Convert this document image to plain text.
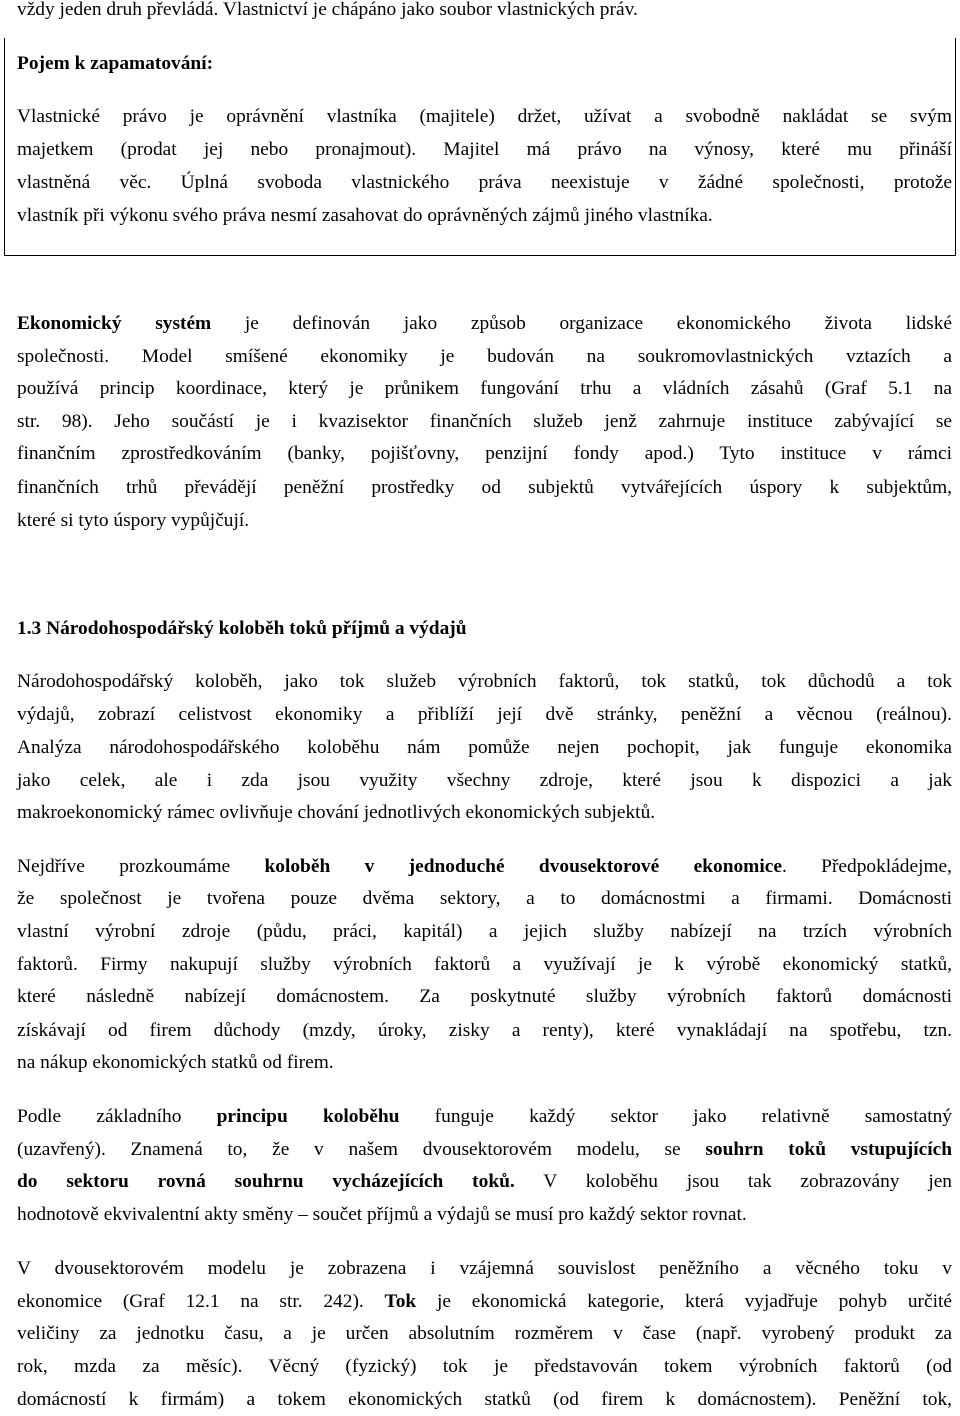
vždy jeden druh převládá. Vlastnictví je chápáno jako soubor vlastnických práv.
Pojem k zapamatování:
Vlastnické právo je oprávnění vlastníka (majitele) držet, užívat a svobodně nakládat se svým
majetkem (prodat jej nebo pronajmout). Majitel má právo na výnosy, které mu přináší
vlastněná věc. Úplná svoboda vlastnického práva neexistuje v žádné společnosti, protože
vlastník při výkonu svého práva nesmí zasahovat do oprávněných zájmů jiného vlastníka.
Ekonomický systém je definován jako způsob organizace ekonomického života lidské
společnosti. Model smíšené ekonomiky je budován na soukromovlastnických vztazích a
používá princip koordinace, který je průnikem fungování trhu a vládních zásahů (Graf 5.1 na
str. 98). Jeho součástí je i kvazisektor finančních služeb jenž zahrnuje instituce zabývající se
finančním zprostředkováním (banky, pojišťovny, penzijní fondy apod.) Tyto instituce v rámci
finančních trhů převádějí peněžní prostředky od subjektů vytvářejících úspory k subjektům,
které si tyto úspory vypůjčují.
1.3 Národohospodářský koloběh toků příjmů a výdajů
Národohospodářský koloběh, jako tok služeb výrobních faktorů, tok statků, tok důchodů a tok
výdajů, zobrazí celistvost ekonomiky a přiblíží její dvě stránky, peněžní a věcnou (reálnou).
Analýza národohospodářského koloběhu nám pomůže nejen pochopit, jak funguje ekonomika
jako celek, ale i zda jsou využity všechny zdroje, které jsou k dispozici a jak
makroekonomický rámec ovlivňuje chování jednotlivých ekonomických subjektů.
Nejdříve prozkoumáme koloběh v jednoduché dvousektorové ekonomice. Předpokládejme,
že společnost je tvořena pouze dvěma sektory, a to domácnostmi a firmami. Domácnosti
vlastní výrobní zdroje (půdu, práci, kapitál) a jejich služby nabízejí na trzích výrobních
faktorů. Firmy nakupují služby výrobních faktorů a využívají je k výrobě ekonomický statků,
které následně nabízejí domácnostem. Za poskytnuté služby výrobních faktorů domácnosti
získávají od firem důchody (mzdy, úroky, zisky a renty), které vynakládají na spotřebu, tzn.
na nákup ekonomických statků od firem.
Podle základního principu koloběhu funguje každý sektor jako relativně samostatný
(uzavřený). Znamená to, že v našem dvousektorovém modelu, se souhrn toků vstupujících
do sektoru rovná souhrnu vycházejících toků. V koloběhu jsou tak zobrazovány jen
hodnotově ekvivalentní akty směny – součet příjmů a výdajů se musí pro každý sektor rovnat.
V dvousektorovém modelu je zobrazena i vzájemná souvislost peněžního a věcného toku v
ekonomice (Graf 12.1 na str. 242). Tok je ekonomická kategorie, která vyjadřuje pohyb určité
veličiny za jednotku času, a je určen absolutním rozměrem v čase (např. vyrobený produkt za
rok, mzda za měsíc). Věcný (fyzický) tok je představován tokem výrobních faktorů (od
domácností k firmám) a tokem ekonomických statků (od firem k domácnostem). Peněžní tok,
